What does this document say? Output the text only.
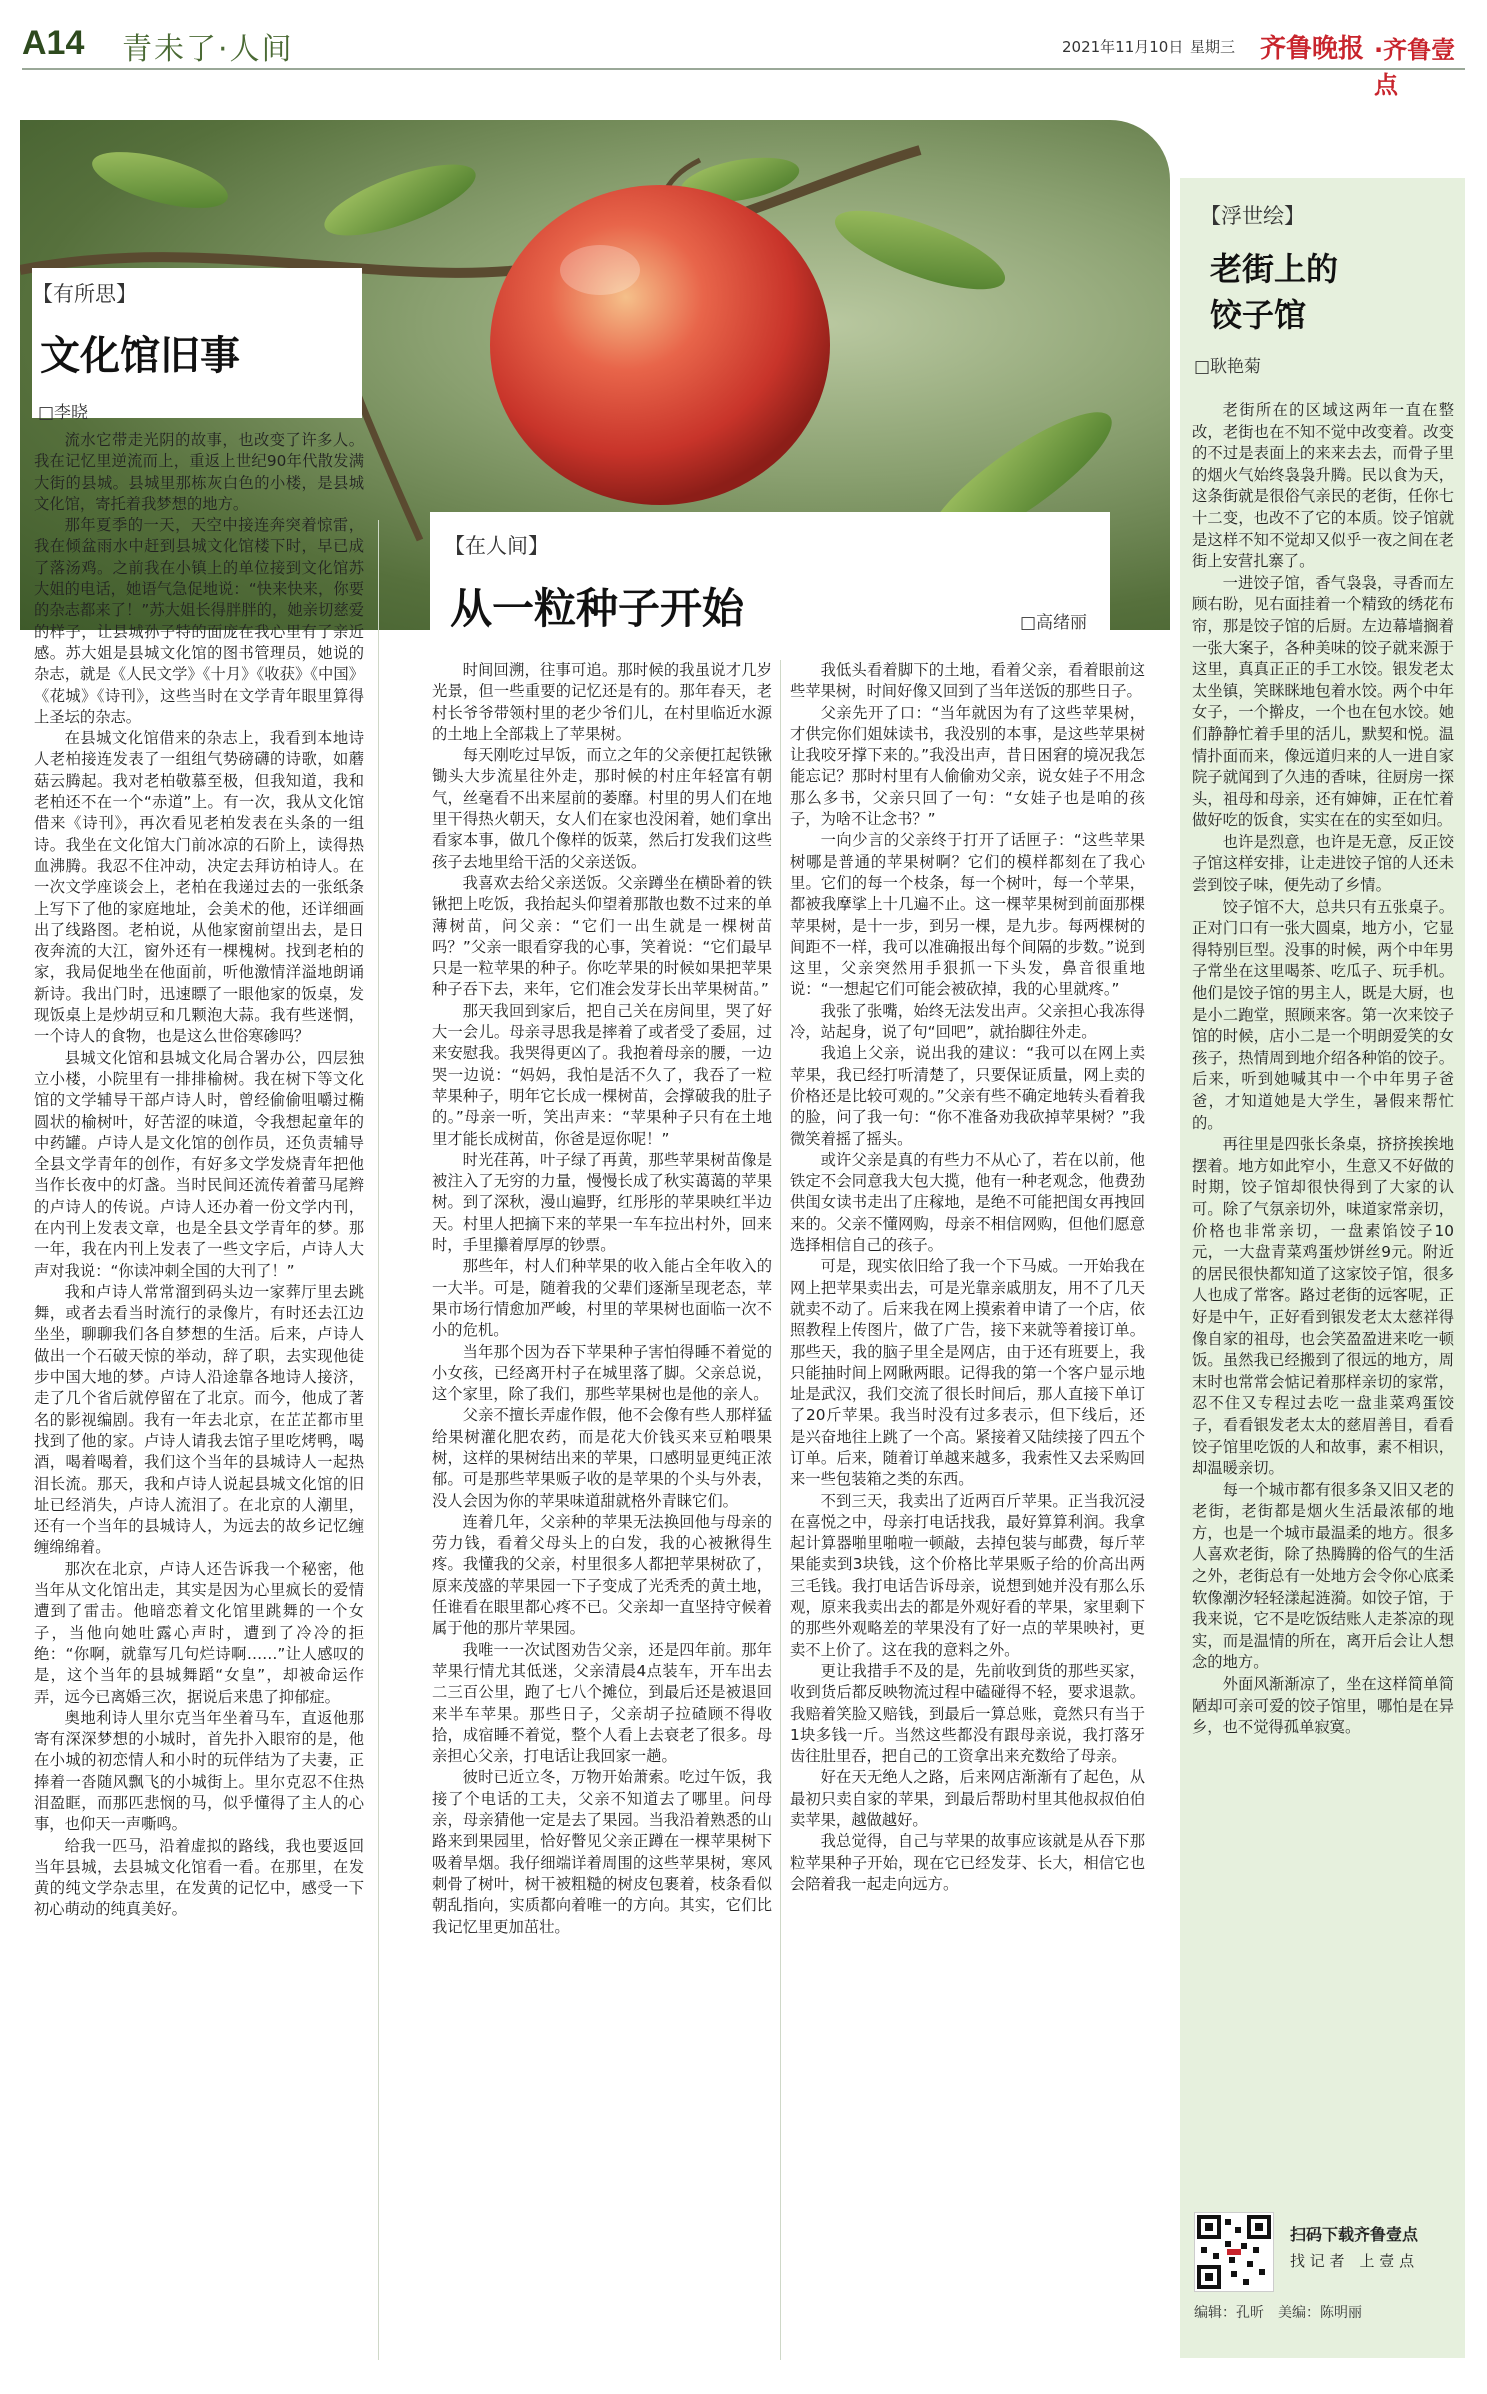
A14 青未了·人间	2021年11月10日 星期三 齐鲁晚报 ·齐鲁壹点
【有所思】
文化馆旧事
□李晓

流水它带走光阴的故事，也改变了许多人。我在记忆里逆流而上，重返上世纪90年代散发满大街的县城。县城里那栋灰白色的小楼，是县城文化馆，寄托着我梦想的地方。

那年夏季的一天，天空中接连奔突着惊雷，我在倾盆雨水中赶到县城文化馆楼下时，早已成了落汤鸡。之前我在小镇上的单位接到文化馆苏大姐的电话，她语气急促地说：“快来快来，你要的杂志都来了！”苏大姐长得胖胖的，她亲切慈爱的样子，让县城孙子特的面庞在我心里有了亲近感。苏大姐是县城文化馆的图书管理员，她说的杂志，就是《人民文学》《十月》《收获》《中国》《花城》《诗刊》，这些当时在文学青年眼里算得上圣坛的杂志。

在县城文化馆借来的杂志上，我看到本地诗人老柏接连发表了一组组气势磅礴的诗歌，如蘑菇云腾起。我对老柏敬慕至极，但我知道，我和老柏还不在一个“赤道”上。有一次，我从文化馆借来《诗刊》，再次看见老柏发表在头条的一组诗。我坐在文化馆大门前冰凉的石阶上，读得热血沸腾。我忍不住冲动，决定去拜访柏诗人。在一次文学座谈会上，老柏在我递过去的一张纸条上写下了他的家庭地址，会美术的他，还详细画出了线路图。老柏说，从他家窗前望出去，是日夜奔流的大江，窗外还有一棵槐树。找到老柏的家，我局促地坐在他面前，听他激情洋溢地朗诵新诗。我出门时，迅速瞟了一眼他家的饭桌，发现饭桌上是炒胡豆和几颗泡大蒜。我有些迷惘，一个诗人的食物，也是这么世俗寒碜吗？

县城文化馆和县城文化局合署办公，四层独立小楼，小院里有一排排榆树。我在树下等文化馆的文学辅导干部卢诗人时，曾经偷偷咀嚼过椭圆状的榆树叶，好苦涩的味道，令我想起童年的中药罐。卢诗人是文化馆的创作员，还负责辅导全县文学青年的创作，有好多文学发烧青年把他当作长夜中的灯盏。当时民间还流传着蕾马尾辫的卢诗人的传说。卢诗人还办着一份文学内刊，在内刊上发表文章，也是全县文学青年的梦。那一年，我在内刊上发表了一些文字后，卢诗人大声对我说：“你读冲刺全国的大刊了！”

我和卢诗人常常溜到码头边一家葬厅里去跳舞，或者去看当时流行的录像片，有时还去江边坐坐，聊聊我们各自梦想的生活。后来，卢诗人做出一个石破天惊的举动，辞了职，去实现他徒步中国大地的梦。卢诗人沿途靠各地诗人接济，走了几个省后就停留在了北京。而今，他成了著名的影视编剧。我有一年去北京，在芷芷都市里找到了他的家。卢诗人请我去馆子里吃烤鸭，喝酒，喝着喝着，我们这个当年的县城诗人一起热泪长流。那天，我和卢诗人说起县城文化馆的旧址已经消失，卢诗人流泪了。在北京的人潮里，还有一个当年的县城诗人，为远去的故乡记忆缠缠绵绵着。

那次在北京，卢诗人还告诉我一个秘密，他当年从文化馆出走，其实是因为心里疯长的爱情遭到了雷击。他暗恋着文化馆里跳舞的一个女子，当他向她吐露心声时，遭到了冷冷的拒绝：“你啊，就靠写几句烂诗啊……”让人感叹的是，这个当年的县城舞蹈“女皇”，却被命运作弄，远今已离婚三次，据说后来患了抑郁症。

奥地利诗人里尔克当年坐着马车，直返他那寄有深深梦想的小城时，首先扑入眼帘的是，他在小城的初恋情人和小时的玩伴结为了夫妻，正捧着一沓随风飘飞的小城街上。里尔克忍不住热泪盈眶，而那匹悲悯的马，似乎懂得了主人的心事，也仰天一声嘶鸣。

给我一匹马，沿着虚拟的路线，我也要返回当年县城，去县城文化馆看一看。在那里，在发黄的纯文学杂志里，在发黄的记忆中，感受一下初心萌动的纯真美好。

【在人间】
从一粒种子开始	□高绪丽

时间回溯，往事可追。那时候的我虽说才几岁光景，但一些重要的记忆还是有的。那年春天，老村长爷爷带领村里的老少爷们儿，在村里临近水源的土地上全部栽上了苹果树。

每天刚吃过早饭，而立之年的父亲便扛起铁锹锄头大步流星往外走，那时候的村庄年轻富有朝气，丝毫看不出来屋前的萎靡。村里的男人们在地里干得热火朝天，女人们在家也没闲着，她们拿出看家本事，做几个像样的饭菜，然后打发我们这些孩子去地里给干活的父亲送饭。

我喜欢去给父亲送饭。父亲蹲坐在横卧着的铁锹把上吃饭，我抬起头仰望着那散也数不过来的单薄树苗，问父亲：“它们一出生就是一棵树苗吗？”父亲一眼看穿我的心事，笑着说：“它们最早只是一粒苹果的种子。你吃苹果的时候如果把苹果种子吞下去，来年，它们准会发芽长出苹果树苗。”

那天我回到家后，把自己关在房间里，哭了好大一会儿。母亲寻思我是摔着了或者受了委屈，过来安慰我。我哭得更凶了。我抱着母亲的腰，一边哭一边说：“妈妈，我怕是活不久了，我吞了一粒苹果种子，明年它长成一棵树苗，会撑破我的肚子的。”母亲一听，笑出声来：“苹果种子只有在土地里才能长成树苗，你爸是逗你呢！”

时光荏苒，叶子绿了再黄，那些苹果树苗像是被注入了无穷的力量，慢慢长成了秋实蔼蔼的苹果树。到了深秋，漫山遍野，红彤彤的苹果映红半边天。村里人把摘下来的苹果一车车拉出村外，回来时，手里攥着厚厚的钞票。

那些年，村人们种苹果的收入能占全年收入的一大半。可是，随着我的父辈们逐渐呈现老态，苹果市场行情愈加严峻，村里的苹果树也面临一次不小的危机。

当年那个因为吞下苹果种子害怕得睡不着觉的小女孩，已经离开村子在城里落了脚。父亲总说，这个家里，除了我们，那些苹果树也是他的亲人。

父亲不擅长弄虚作假，他不会像有些人那样猛给果树灌化肥农药，而是花大价钱买来豆粕喂果树，这样的果树结出来的苹果，口感明显更纯正浓郁。可是那些苹果贩子收的是苹果的个头与外表，没人会因为你的苹果味道甜就格外青睐它们。

连着几年，父亲种的苹果无法换回他与母亲的劳力钱，看着父母头上的白发，我的心被揪得生疼。我懂我的父亲，村里很多人都把苹果树砍了，原来茂盛的苹果园一下子变成了光秃秃的黄土地，任谁看在眼里都心疼不已。父亲却一直坚持守候着属于他的那片苹果园。

我唯一一次试图劝告父亲，还是四年前。那年苹果行情尤其低迷，父亲清晨4点装车，开车出去二三百公里，跑了七八个摊位，到最后还是被退回来半车苹果。那些日子，父亲胡子拉碴顾不得收拾，成宿睡不着觉，整个人看上去衰老了很多。母亲担心父亲，打电话让我回家一趟。

彼时已近立冬，万物开始萧索。吃过午饭，我接了个电话的工夫，父亲不知道去了哪里。问母亲，母亲猜他一定是去了果园。当我沿着熟悉的山路来到果园里，恰好瞥见父亲正蹲在一棵苹果树下吸着旱烟。我仔细端详着周围的这些苹果树，寒风刺骨了树叶，树干被粗糙的树皮包裹着，枝条看似朝乱指向，实质都向着唯一的方向。其实，它们比我记忆里更加茁壮。

我低头看着脚下的土地，看着父亲，看着眼前这些苹果树，时间好像又回到了当年送饭的那些日子。

父亲先开了口：“当年就因为有了这些苹果树，才供完你们姐妹读书，我没别的本事，是这些苹果树让我咬牙撑下来的。”我没出声，昔日困窘的境况我怎能忘记？那时村里有人偷偷劝父亲，说女娃子不用念那么多书，父亲只回了一句：“女娃子也是咱的孩子，为啥不让念书？”

一向少言的父亲终于打开了话匣子：“这些苹果树哪是普通的苹果树啊？它们的模样都刻在了我心里。它们的每一个枝条，每一个树叶，每一个苹果，都被我摩挲上十几遍不止。这一棵苹果树到前面那棵苹果树，是十一步，到另一棵，是九步。每两棵树的间距不一样，我可以准确报出每个间隔的步数。”说到这里，父亲突然用手狠抓一下头发，鼻音很重地说：“一想起它们可能会被砍掉，我的心里就疼。”

我张了张嘴，始终无法发出声。父亲担心我冻得冷，站起身，说了句“回吧”，就抬脚往外走。

我追上父亲，说出我的建议：“我可以在网上卖苹果，我已经打听清楚了，只要保证质量，网上卖的价格还是比较可观的。”父亲有些不确定地转头看着我的脸，问了我一句：“你不准备劝我砍掉苹果树？”我微笑着摇了摇头。

或许父亲是真的有些力不从心了，若在以前，他铁定不会同意我大包大揽，他有一种老观念，他费劲供闺女读书走出了庄稼地，是绝不可能把闺女再拽回来的。父亲不懂网购，母亲不相信网购，但他们愿意选择相信自己的孩子。

可是，现实依旧给了我一个下马威。一开始我在网上把苹果卖出去，可是光靠亲戚朋友，用不了几天就卖不动了。后来我在网上摸索着申请了一个店，依照教程上传图片，做了广告，接下来就等着接订单。那些天，我的脑子里全是网店，由于还有班要上，我只能抽时间上网瞅两眼。记得我的第一个客户显示地址是武汉，我们交流了很长时间后，那人直接下单订了20斤苹果。我当时没有过多表示，但下线后，还是兴奋地往上跳了一个高。紧接着又陆续接了四五个订单。后来，随着订单越来越多，我索性又去采购回来一些包装箱之类的东西。

不到三天，我卖出了近两百斤苹果。正当我沉浸在喜悦之中，母亲打电话找我，最好算算利润。我拿起计算器啪里啪啦一顿敲，去掉包装与邮费，每斤苹果能卖到3块钱，这个价格比苹果贩子给的价高出两三毛钱。我打电话告诉母亲，说想到她并没有那么乐观，原来我卖出去的都是外观好看的苹果，家里剩下的那些外观略差的苹果没有了好一点的苹果映衬，更卖不上价了。这在我的意料之外。

更让我措手不及的是，先前收到货的那些买家，收到货后都反映物流过程中磕碰得不轻，要求退款。我赔着笑脸又赔钱，到最后一算总账，竟然只有当于1块多钱一斤。当然这些都没有跟母亲说，我打落牙齿往肚里吞，把自己的工资拿出来充数给了母亲。

好在天无绝人之路，后来网店渐渐有了起色，从最初只卖自家的苹果，到最后帮助村里其他叔叔伯伯卖苹果，越做越好。

我总觉得，自己与苹果的故事应该就是从吞下那粒苹果种子开始，现在它已经发芽、长大，相信它也会陪着我一起走向远方。

【浮世绘】
老街上的
饺子馆
□耿艳菊

老街所在的区域这两年一直在整改，老街也在不知不觉中改变着。改变的不过是表面上的来来去去，而骨子里的烟火气始终袅袅升腾。民以食为天，这条街就是很俗气亲民的老街，任你七十二变，也改不了它的本质。饺子馆就是这样不知不觉却又似乎一夜之间在老街上安营扎寨了。

一进饺子馆，香气袅袅，寻香而左顾右盼，见右面挂着一个精致的绣花布帘，那是饺子馆的后厨。左边幕墙搁着一张大案子，各种美味的饺子就来源于这里，真真正正的手工水饺。银发老太太坐镇，笑眯眯地包着水饺。两个中年女子，一个擀皮，一个也在包水饺。她们静静忙着手里的活儿，默契和悦。温情扑面而来，像远道归来的人一进自家院子就闻到了久违的香味，往厨房一探头，祖母和母亲，还有婶婶，正在忙着做好吃的饭食，实实在在的实至如归。

也许是烈意，也许是无意，反正饺子馆这样安排，让走进饺子馆的人还未尝到饺子味，便先动了乡情。

饺子馆不大，总共只有五张桌子。正对门口有一张大圆桌，地方小，它显得特别巨型。没事的时候，两个中年男子常坐在这里喝茶、吃瓜子、玩手机。他们是饺子馆的男主人，既是大厨，也是小二跑堂，照顾来客。第一次来饺子馆的时候，店小二是一个明朗爱笑的女孩子，热情周到地介绍各种馅的饺子。后来，听到她喊其中一个中年男子爸爸，才知道她是大学生，暑假来帮忙的。

再往里是四张长条桌，挤挤挨挨地摆着。地方如此窄小，生意又不好做的时期，饺子馆却很快得到了大家的认可。除了气氛亲切外，味道家常亲切，价格也非常亲切，一盘素馅饺子10元，一大盘青菜鸡蛋炒饼丝9元。附近的居民很快都知道了这家饺子馆，很多人也成了常客。路过老街的远客呢，正好是中午，正好看到银发老太太慈祥得像自家的祖母，也会笑盈盈进来吃一顿饭。虽然我已经搬到了很远的地方，周末时也常常会惦记着那样亲切的家常，忍不住又专程过去吃一盘韭菜鸡蛋饺子，看看银发老太太的慈眉善目，看看饺子馆里吃饭的人和故事，素不相识，却温暖亲切。

每一个城市都有很多条又旧又老的老街，老街都是烟火生活最浓郁的地方，也是一个城市最温柔的地方。很多人喜欢老街，除了热腾腾的俗气的生活之外，老街总有一处地方会令你心底柔软像潮汐轻轻漾起涟漪。如饺子馆，于我来说，它不是吃饭结账人走茶凉的现实，而是温情的所在，离开后会让人想念的地方。

外面风渐渐凉了，坐在这样简单简陋却可亲可爱的饺子馆里，哪怕是在异乡，也不觉得孤单寂寞。

扫码下载齐鲁壹点
找 记 者　上 壹 点
编辑：孔昕　美编：陈明丽
